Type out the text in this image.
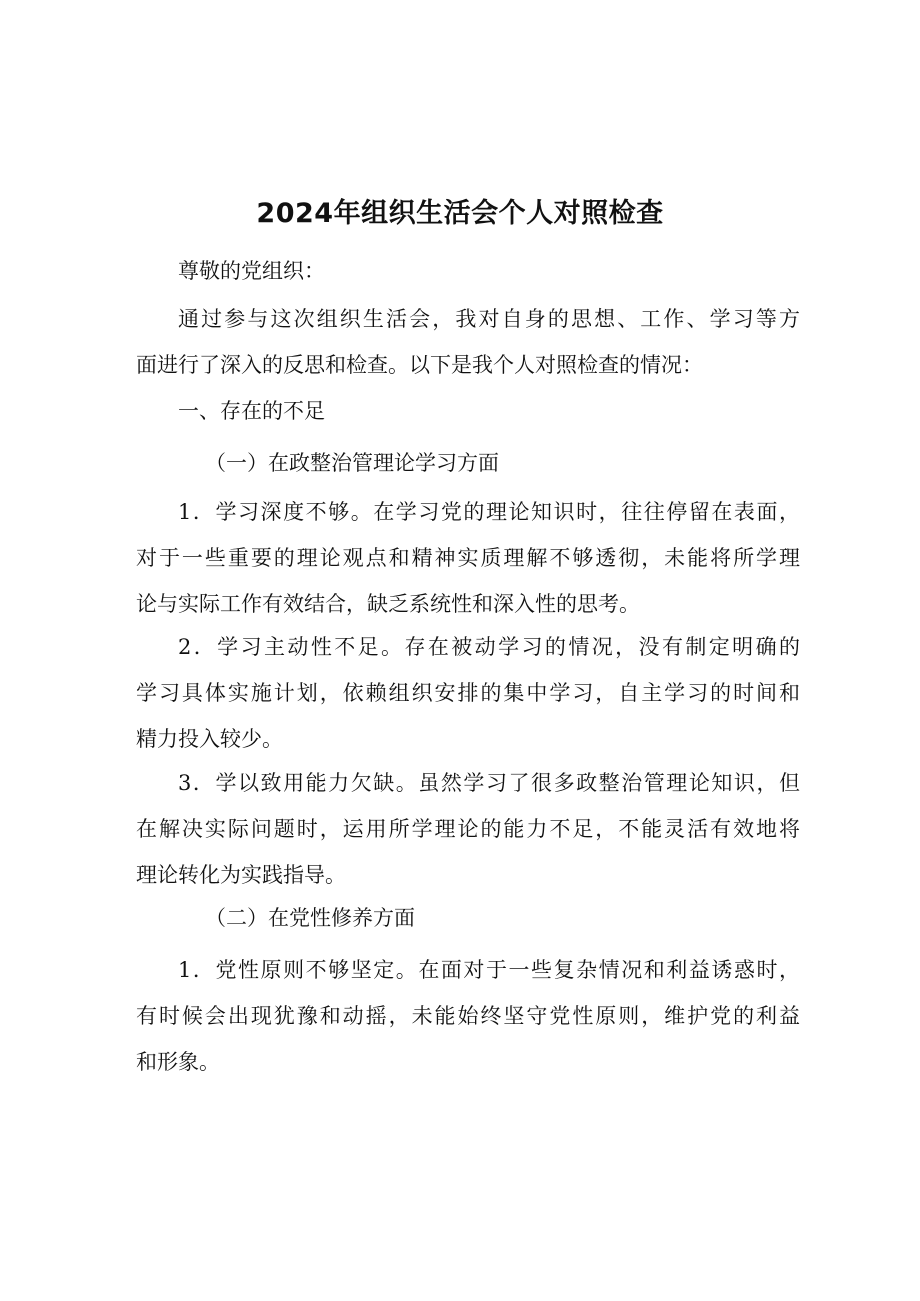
2024年组织生活会个人对照检查

尊敬的党组织：

通过参与这次组织生活会，我对自身的思想、工作、学习等方
面进行了深入的反思和检查。以下是我个人对照检查的情况：

一、存在的不足

（一）在政整治管理论学习方面

1．学习深度不够。在学习党的理论知识时，往往停留在表面，
对于一些重要的理论观点和精神实质理解不够透彻，未能将所学理
论与实际工作有效结合，缺乏系统性和深入性的思考。
2．学习主动性不足。存在被动学习的情况，没有制定明确的
学习具体实施计划，依赖组织安排的集中学习，自主学习的时间和
精力投入较少。
3．学以致用能力欠缺。虽然学习了很多政整治管理论知识，但
在解决实际问题时，运用所学理论的能力不足，不能灵活有效地将
理论转化为实践指导。

（二）在党性修养方面

1．党性原则不够坚定。在面对于一些复杂情况和利益诱惑时，
有时候会出现犹豫和动摇，未能始终坚守党性原则，维护党的利益
和形象。
